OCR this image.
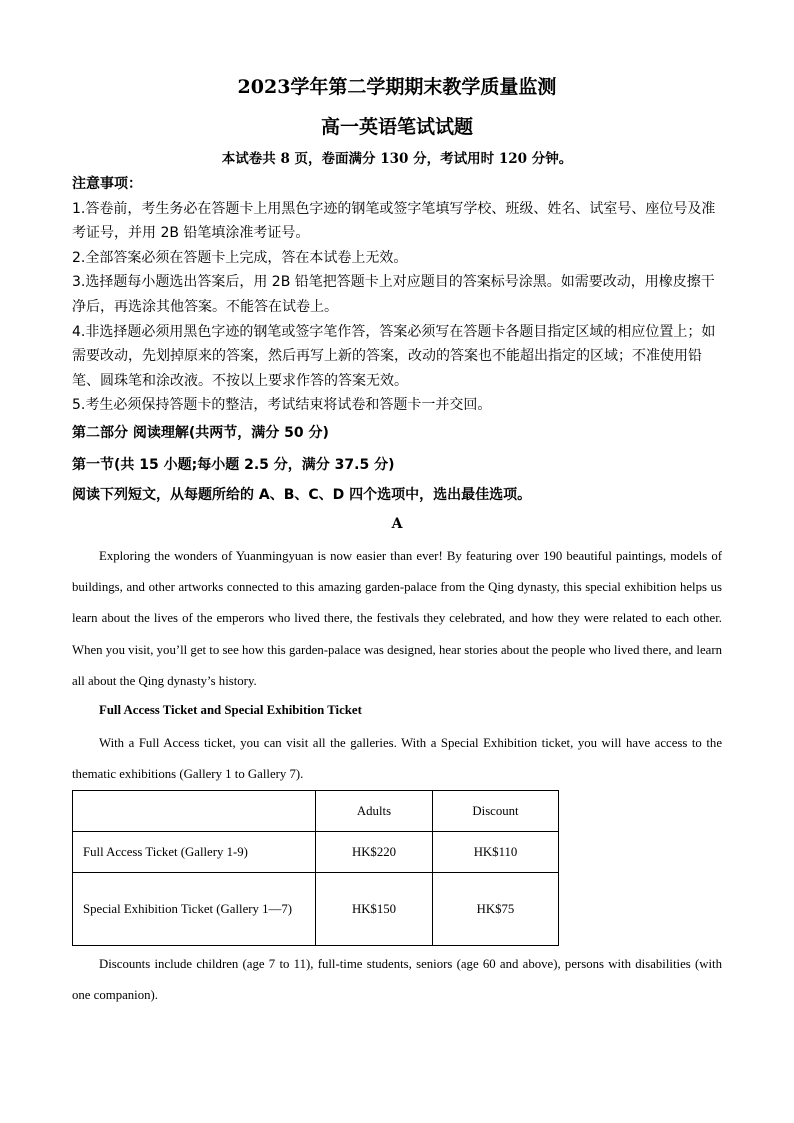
2023学年第二学期期末教学质量监测
高一英语笔试试题
本试卷共 8 页，卷面满分 130 分，考试用时 120 分钟。

注意事项：

1.答卷前，考生务必在答题卡上用黑色字迹的钢笔或签字笔填写学校、班级、姓名、试室号、座位号及准考证号，并用 2B 铅笔填涂准考证号。

2.全部答案必须在答题卡上完成，答在本试卷上无效。

3.选择题每小题选出答案后，用 2B 铅笔把答题卡上对应题目的答案标号涂黑。如需要改动，用橡皮擦干净后，再选涂其他答案。不能答在试卷上。

4.非选择题必须用黑色字迹的钢笔或签字笔作答，答案必须写在答题卡各题目指定区域的相应位置上；如需要改动，先划掉原来的答案，然后再写上新的答案，改动的答案也不能超出指定的区域；不准使用铅笔、圆珠笔和涂改液。不按以上要求作答的答案无效。

5.考生必须保持答题卡的整洁，考试结束将试卷和答题卡一并交回。

第二部分 阅读理解(共两节，满分 50 分)
第一节(共 15 小题;每小题 2.5 分，满分 37.5 分)
阅读下列短文，从每题所给的 A、B、C、D 四个选项中，选出最佳选项。
A
Exploring the wonders of Yuanmingyuan is now easier than ever! By featuring over 190 beautiful paintings, models of buildings, and other artworks connected to this amazing garden-palace from the Qing dynasty, this special exhibition helps us learn about the lives of the emperors who lived there, the festivals they celebrated, and how they were related to each other. When you visit, you’ll get to see how this garden-palace was designed, hear stories about the people who lived there, and learn all about the Qing dynasty’s history.
Full Access Ticket and Special Exhibition Ticket
With a Full Access ticket, you can visit all the galleries. With a Special Exhibition ticket, you will have access to the thematic exhibitions (Gallery 1 to Gallery 7).
	Adults	Discount
Full Access Ticket (Gallery 1-9)	HK$220	HK$110
Special Exhibition Ticket (Gallery 1—7)	HK$150	HK$75
Discounts include children (age 7 to 11), full-time students, seniors (age 60 and above), persons with disabilities (with one companion).
